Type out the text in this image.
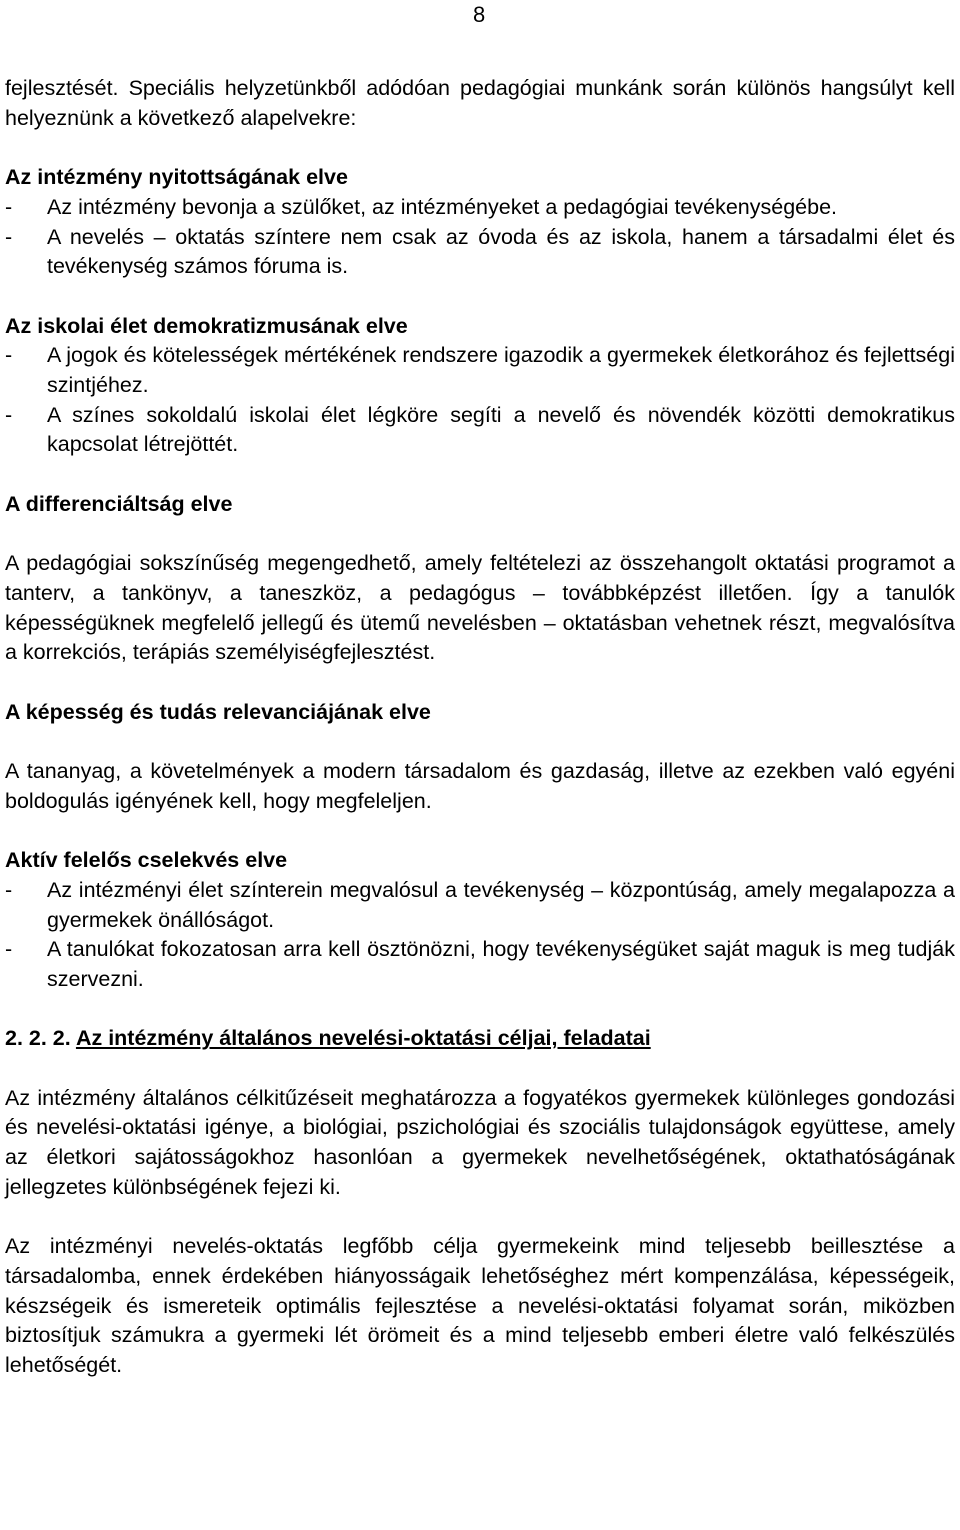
8

fejlesztését. Speciális helyzetünkből adódóan pedagógiai munkánk során különös hangsúlyt kell helyeznünk a következő alapelvekre:

Az intézmény nyitottságának elve
- Az intézmény bevonja a szülőket, az intézményeket a pedagógiai tevékenységébe.
- A nevelés – oktatás színtere nem csak az óvoda és az iskola, hanem a társadalmi élet és tevékenység számos fóruma is.
Az iskolai élet demokratizmusának elve
- A jogok és kötelességek mértékének rendszere igazodik a gyermekek életkorához és fejlettségi szintjéhez.
- A színes sokoldalú iskolai élet légköre segíti a nevelő és növendék közötti demokratikus kapcsolat létrejöttét.
A differenciáltság elve

A pedagógiai sokszínűség megengedhető, amely feltételezi az összehangolt oktatási programot a tanterv, a tankönyv, a taneszköz, a pedagógus – továbbképzést illetően. Így a tanulók képességüknek megfelelő jellegű és ütemű nevelésben – oktatásban vehetnek részt, megvalósítva a korrekciós, terápiás személyiségfejlesztést.

A képesség és tudás relevanciájának elve

A tananyag, a követelmények a modern társadalom és gazdaság, illetve az ezekben való egyéni boldogulás igényének kell, hogy megfeleljen.

Aktív felelős cselekvés elve
- Az intézményi élet színterein megvalósul a tevékenység – központúság, amely megalapozza a gyermekek önállóságot.
- A tanulókat fokozatosan arra kell ösztönözni, hogy tevékenységüket saját maguk is meg tudják szervezni.
2. 2. 2. Az intézmény általános nevelési-oktatási céljai, feladatai

Az intézmény általános célkitűzéseit meghatározza a fogyatékos gyermekek különleges gondozási és nevelési-oktatási igénye, a biológiai, pszichológiai és szociális tulajdonságok együttese, amely az életkori sajátosságokhoz hasonlóan a gyermekek nevelhetőségének, oktathatóságának jellegzetes különbségének fejezi ki.

Az intézményi nevelés-oktatás legfőbb célja gyermekeink mind teljesebb beillesztése a társadalomba, ennek érdekében hiányosságaik lehetőséghez mért kompenzálása, képességeik, készségeik és ismereteik optimális fejlesztése a nevelési-oktatási folyamat során, miközben biztosítjuk számukra a gyermeki lét örömeit és a mind teljesebb emberi életre való felkészülés lehetőségét.
